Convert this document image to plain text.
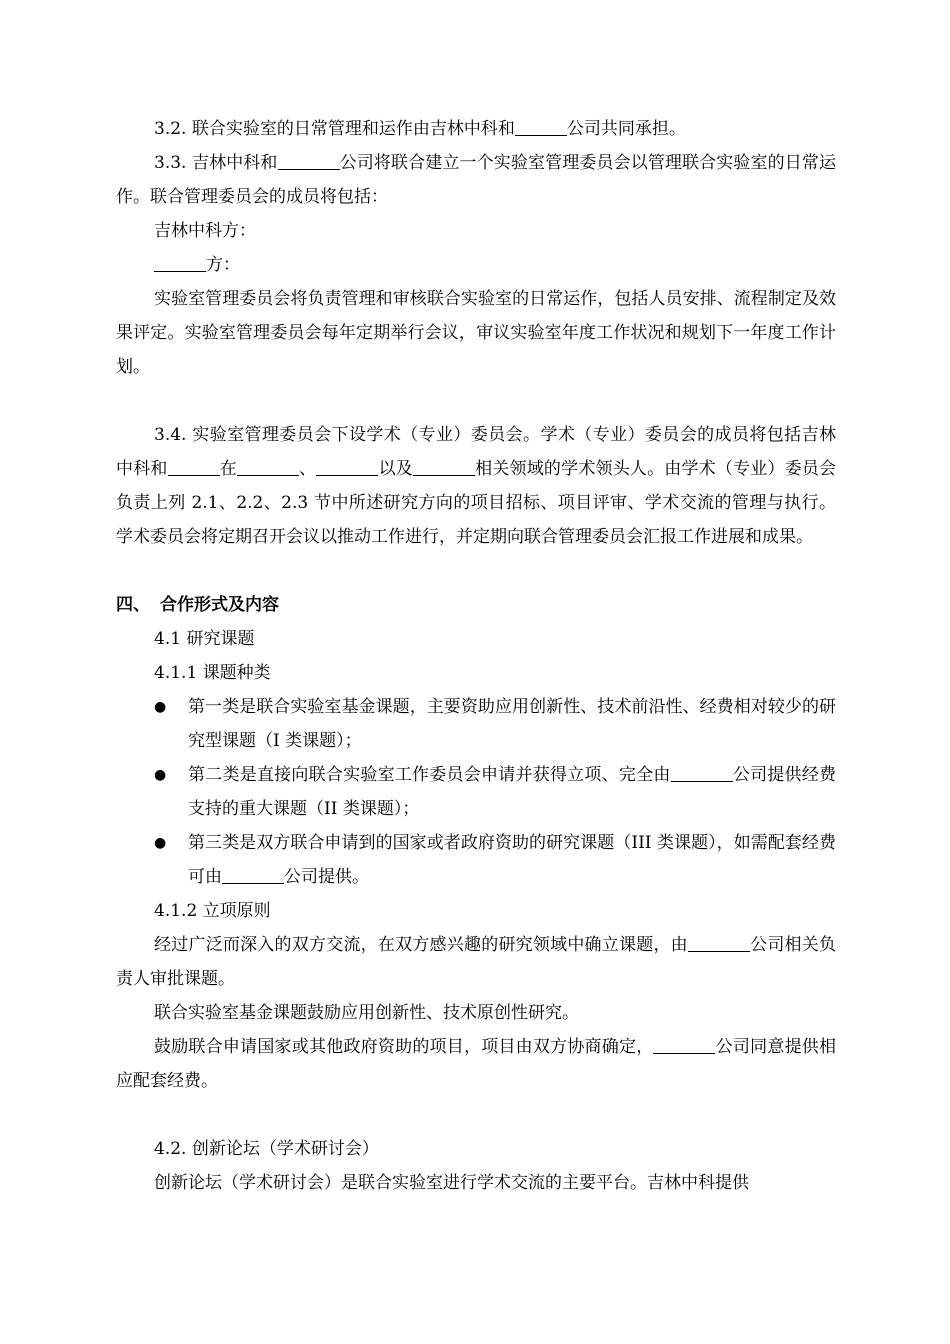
3.2. 联合实验室的日常管理和运作由吉林中科和	公司共同承担。

3.3. 吉林中科和	公司将联合建立一个实验室管理委员会以管理联合实验室的日常运作。联合管理委员会的成员将包括：

吉林中科方：

方：

实验室管理委员会将负责管理和审核联合实验室的日常运作，包括人员安排、流程制定及效果评定。实验室管理委员会每年定期举行会议，审议实验室年度工作状况和规划下一年度工作计划。

3.4. 实验室管理委员会下设学术（专业）委员会。学术（专业）委员会的成员将包括吉林中科和	在	、	以及	相关领域的学术领头人。由学术（专业）委员会负责上列 2.1、2.2、2.3 节中所述研究方向的项目招标、项目评审、学术交流的管理与执行。学术委员会将定期召开会议以推动工作进行，并定期向联合管理委员会汇报工作进展和成果。

四、 合作形式及内容

4.1 研究课题

4.1.1 课题种类

● 第一类是联合实验室基金课题，主要资助应用创新性、技术前沿性、经费相对较少的研究型课题（I 类课题）；

● 第二类是直接向联合实验室工作委员会申请并获得立项、完全由	公司提供经费支持的重大课题（II 类课题）；

● 第三类是双方联合申请到的国家或者政府资助的研究课题（III 类课题），如需配套经费可由	公司提供。

4.1.2 立项原则

经过广泛而深入的双方交流，在双方感兴趣的研究领域中确立课题，由	公司相关负责人审批课题。

联合实验室基金课题鼓励应用创新性、技术原创性研究。

鼓励联合申请国家或其他政府资助的项目，项目由双方协商确定，	公司同意提供相应配套经费。

4.2. 创新论坛（学术研讨会）

创新论坛（学术研讨会）是联合实验室进行学术交流的主要平台。吉林中科提供
